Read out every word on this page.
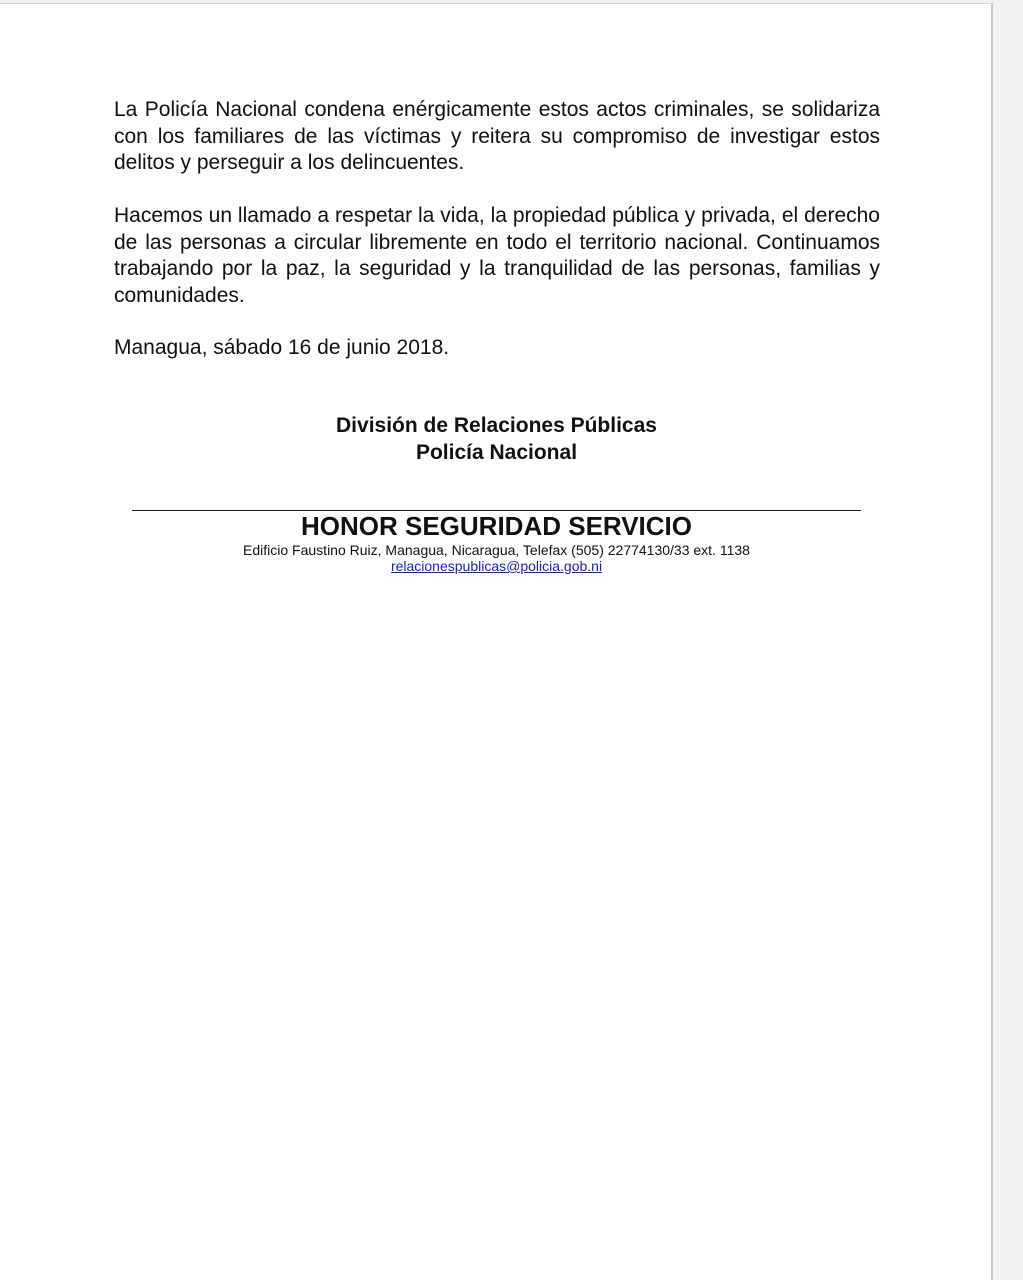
La Policía Nacional condena enérgicamente estos actos criminales, se solidariza con los familiares de las víctimas y reitera su compromiso de investigar estos delitos y perseguir a los delincuentes.

Hacemos un llamado a respetar la vida, la propiedad pública y privada, el derecho de las personas a circular libremente en todo el territorio nacional. Continuamos trabajando por la paz, la seguridad y la tranquilidad de las personas, familias y comunidades.

Managua, sábado 16 de junio 2018.

División de Relaciones Públicas
Policía Nacional
HONOR SEGURIDAD SERVICIO
Edificio Faustino Ruiz, Managua, Nicaragua, Telefax (505) 22774130/33 ext. 1138
relacionespublicas@policia.gob.ni
